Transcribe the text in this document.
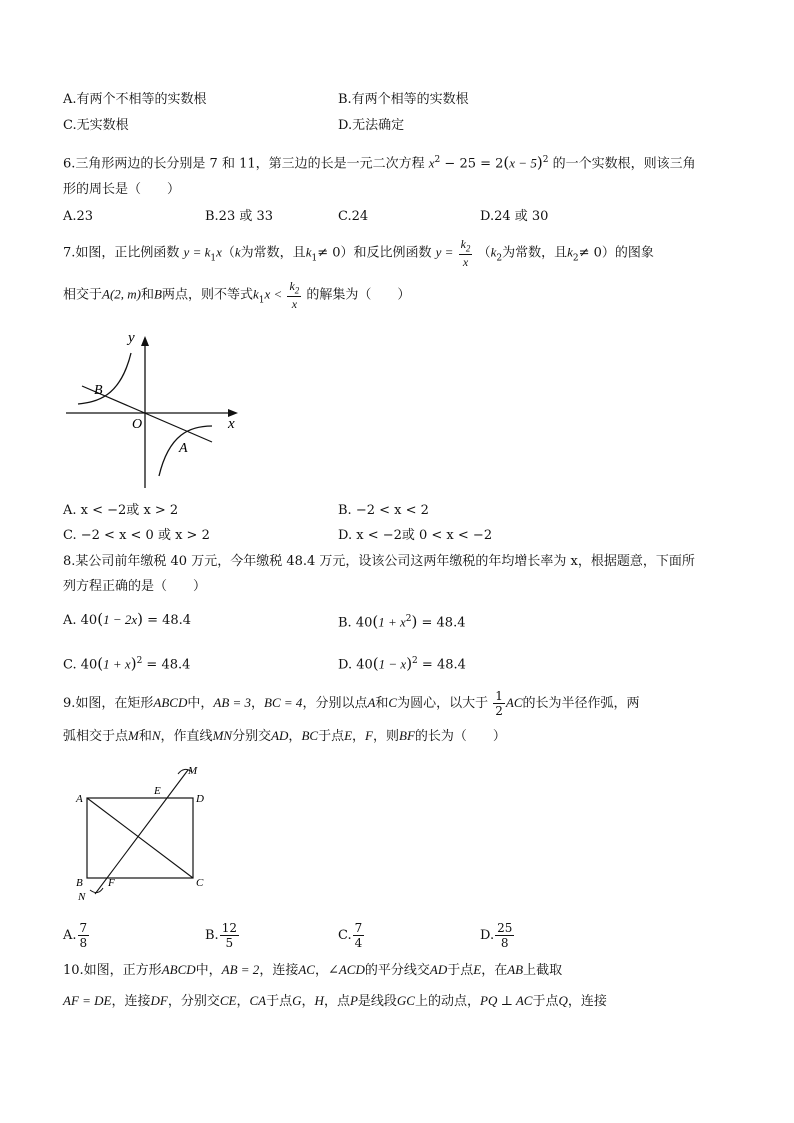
A.有两个不相等的实数根	B.有两个相等的实数根
C.无实数根	D.无法确定
6.三角形两边的长分别是 7 和 11，第三边的长是一元二次方程 $x^2 - 25 = 2(x - 5)^2$ 的一个实数根，则该三角
形的周长是（　　）
A.23	B.23 或 33	C.24	D.24 或 30
7.如图，正比例函数 $y = k_1x(k$为常数，且$k_1\ne 0$）和反比例函数 $y = \frac{k_2}{x} (k_2$为常数，且$k_2\ne 0$）的图象
相交于A(2, m)和B两点，则不等式$k_1x < \frac{k_2}{x}$ 的解集为（　　）
y
x
O
B
A
A. x < −2或 x > 2	B. −2 < x < 2
C. −2 < x < 0 或 x > 2	D. x < −2或 0 < x < −2
8.某公司前年缴税 40 万元，今年缴税 48.4 万元，设该公司这两年缴税的年均增长率为 x，根据题意，下面所
列方程正确的是（　　）
A. 40(1 − 2x) = 48.4	B. $40(1 + x^2) = 48.4$
C. $40(1 + x)^2 = 48.4$	D. $40(1 - x)^2 = 48.4$
9.如图，在矩形ABCD中，AB = 3，BC = 4，分别以点A和C为圆心，以大于 $\frac{1}{2}$ AC的长为半径作弧，两
弧相交于点M和N，作直线MN分别交AD，BC于点E，F，则BF的长为（　　）
A
B	C
D
E
F
M
N
A. $\frac{7}{8}$	B. $\frac{12}{5}$	C. $\frac{7}{4}$	D. $\frac{25}{8}$
10.如图，正方形ABCD中，AB = 2，连接AC，∠ACD的平分线交AD于点E，在AB上截取
AF = DE，连接DF，分别交CE，CA于点G，H，点P是线段GC上的动点，PQ ⊥ AC于点Q，连接
